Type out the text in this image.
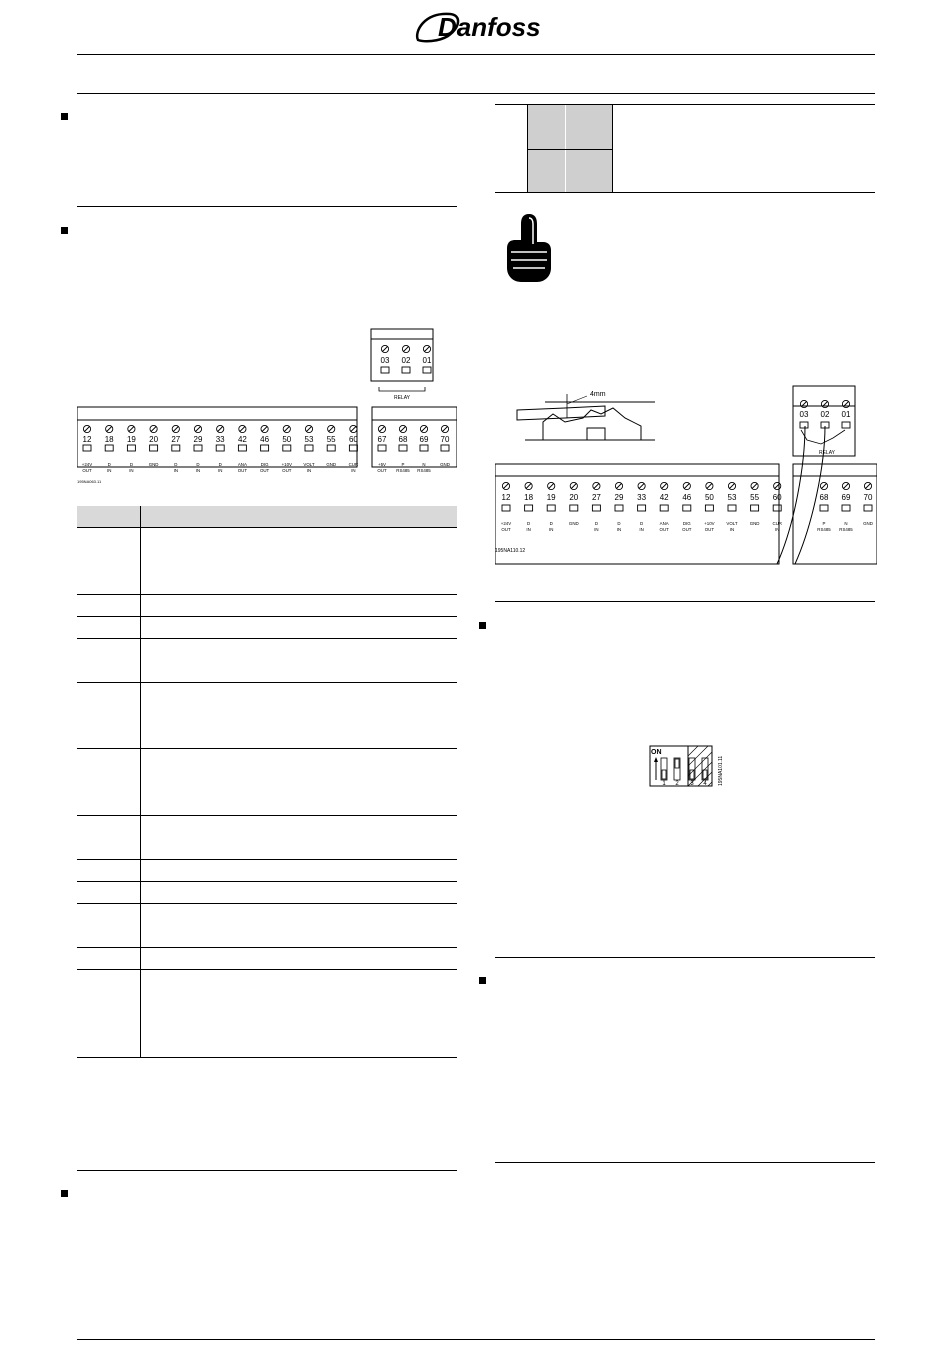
Danfoss
03 02 01
RELAY
12
+24V OUT
18
D IN
19
D IN
20
GND
27
D IN
29
D IN
33
D IN
42
ANA OUT
46
DIG OUT
50
+10V OUT
53
VOLT IN
55
GND
60
CUR IN
67
+5V OUT
68
P RS485
69
N RS485
70
GND
195NA063.11

4mm
03 02 01
RELAY
12
+24V OUT
18
D IN
19
D IN
20
GND
27
D IN
29
D IN
33
D IN
42
ANA OUT
46
DIG OUT
50
+10V OUT
53
VOLT IN
55
GND
60
CUR IN
68
P RS485
69
N RS485
70
GND
195NA110.12
ON
1 2 3 4 195NA101.11
